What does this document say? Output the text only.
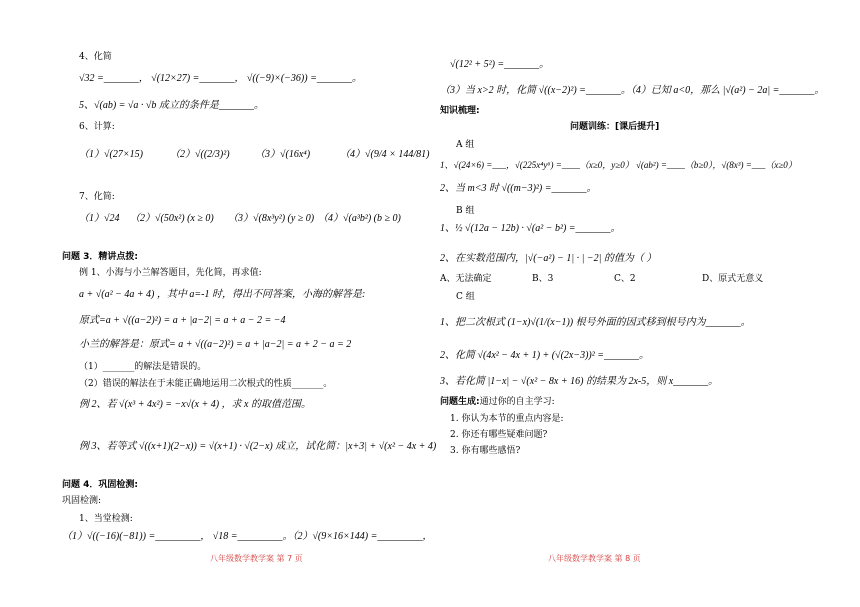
4、化简
√32 =_______， √(12×27) =_______， √((−9)×(−36)) =_______。
5、√(ab) = √a · √b 成立的条件是_______。
6、计算:
（1）√(27×15)	（2）√((2/3)²)	（3）√(16x⁴)	（4）√(9/4 × 144/81)
7、化简:
（1）√24 （2）√(50x²) (x ≥ 0) （3）√(8x³y²) (y ≥ 0) （4）√(a³b²) (b ≥ 0)
问题 3．精讲点拨:
例 1、小海与小兰解答题目，先化简，再求值:
a + √(a² − 4a + 4) ，其中 a=-1 时，得出不同答案，小海的解答是:
原式=a + √((a−2)²) = a + |a−2| = a + a − 2 = −4
小兰的解答是：原式= a + √((a−2)²) = a + |a−2| = a + 2 − a = 2
（1）_______的解法是错误的。
（2）错误的解法在于未能正确地运用二次根式的性质_______。
例 2、若 √(x³ + 4x²) = −x√(x + 4) ，求 x 的取值范围。
例 3、若等式 √((x+1)(2−x)) = √(x+1) · √(2−x) 成立，试化简：|x+3| + √(x² − 4x + 4)
问题 4．巩固检测:
巩固检测:
1、当堂检测:
（1）√((−16)(−81)) =_________， √18 =_________。（2）√(9×16×144) =_________，
八年级数学教学案 第 7 页
√(12² + 5²) =_______。
（3）当 x>2 时，化简 √((x−2)²) =_______。（4）已知 a<0，那么 |√(a²) − 2a| =_______。
知识梳理:
问题训练：[课后提升]
A 组
1、√(24×6) =___，√(225x⁴y⁶) =____（x≥0，y≥0） √(ab²) =____（b≥0），√(8x³) =___（x≥0）
2、当 m<3 时 √((m−3)²) =_______。
B 组
1、½ √(12a − 12b) · √(a² − b²) =_______。
2、在实数范围内，|√(−a²) − 1| · | −2| 的值为（ ）
A、无法确定	B、3	C、2	D、原式无意义
C 组
1、把二次根式 (1−x)√(1/(x−1)) 根号外面的因式移到根号内为_______。
2、化简 √(4x² − 4x + 1) + (√(2x−3))² =_______。
3、若化简 |1−x| − √(x² − 8x + 16) 的结果为 2x-5，则 x_______。
问题生成:通过你的自主学习:
1. 你认为本节的重点内容是:
2. 你还有哪些疑难问题?
3. 你有哪些感悟?
八年级数学教学案 第 8 页
